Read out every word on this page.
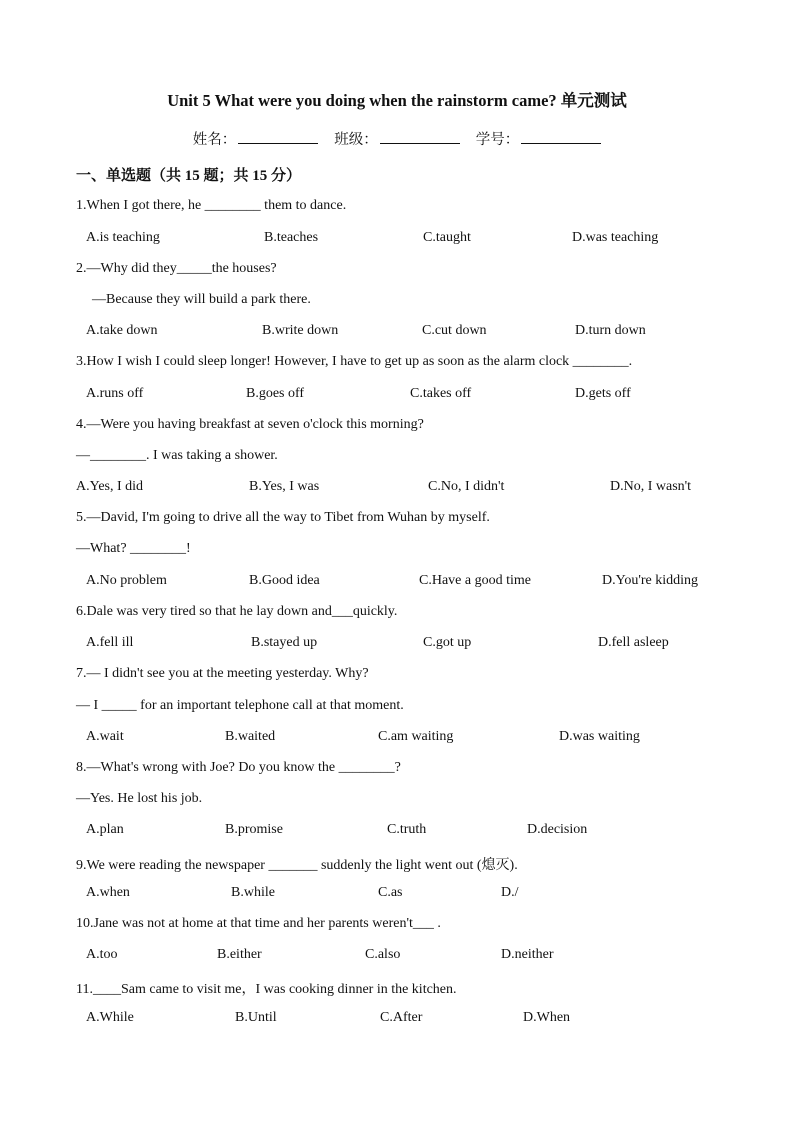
Unit 5 What were you doing when the rainstorm came? 单元测试
姓名：	班级：	学号：
一、单选题（共 15 题；共 15 分）
1.When I got there, he ________ them to dance.
A.is teaching	B.teaches	C.taught	D.was teaching
2.—Why did they_____the houses?
—Because they will build a park there.
A.take down	B.write down	C.cut down	D.turn down
3.How I wish I could sleep longer! However, I have to get up as soon as the alarm clock ________.
A.runs off	B.goes off	C.takes off	D.gets off
4.—Were you having breakfast at seven o'clock this morning?
—________. I was taking a shower.
A.Yes, I did	B.Yes, I was	C.No, I didn't	D.No, I wasn't
5.—David, I'm going to drive all the way to Tibet from Wuhan by myself.
—What? ________!
A.No problem	B.Good idea	C.Have a good time	D.You're kidding
6.Dale was very tired so that he lay down and___quickly.
A.fell ill	B.stayed up	C.got up	D.fell asleep
7.— I didn't see you at the meeting yesterday. Why?
— I _____ for an important telephone call at that moment.
A.wait	B.waited	C.am waiting	D.was waiting
8.—What's wrong with Joe? Do you know the ________?
—Yes. He lost his job.
A.plan	B.promise	C.truth	D.decision
9.We were reading the newspaper _______ suddenly the light went out (熄灭).
A.when	B.while	C.as	D./
10.Jane was not at home at that time and her parents weren't___ .
A.too	B.either	C.also	D.neither
11.____Sam came to visit me，I was cooking dinner in the kitchen.
A.While	B.Until	C.After	D.When
